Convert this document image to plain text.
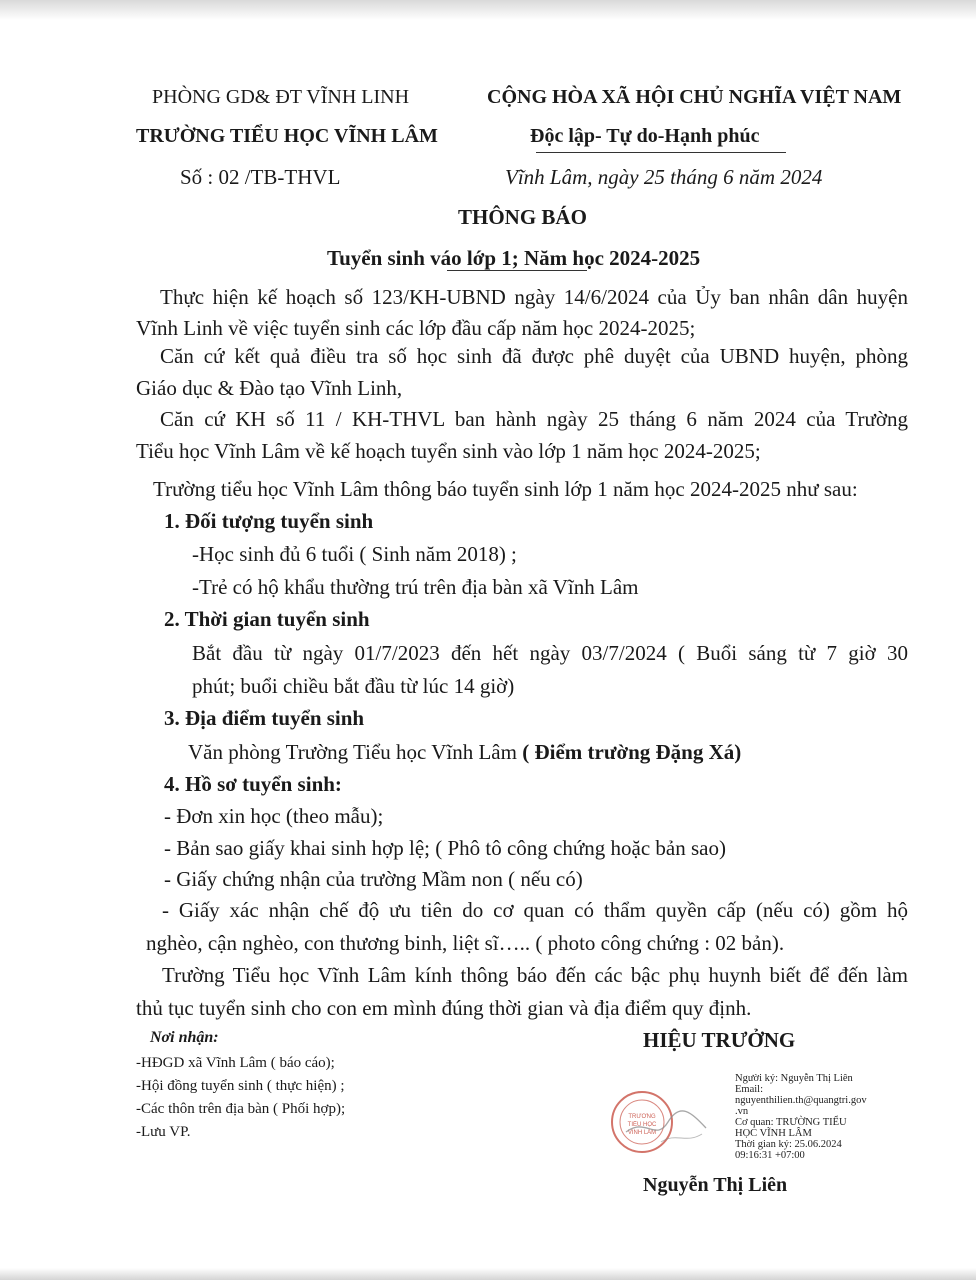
PHÒNG GD& ĐT VĨNH LINH
TRƯỜNG TIỂU HỌC VĨNH LÂM
Số : 02 /TB-THVL
CỘNG HÒA XÃ HỘI CHỦ NGHĨA VIỆT NAM
Độc lập- Tự do-Hạnh phúc
Vĩnh Lâm, ngày 25 tháng 6 năm 2024
THÔNG BÁO
Tuyển sinh váo lớp 1; Năm học 2024-2025
Thực hiện kế hoạch số 123/KH-UBND ngày 14/6/2024 của Ủy ban nhân dân huyện
Vĩnh Linh về việc tuyển sinh các lớp đầu cấp năm học 2024-2025;
Căn cứ kết quả điều tra số học sinh đã được phê duyệt của UBND huyện, phòng
Giáo dục & Đào tạo Vĩnh Linh,
Căn cứ KH số 11 / KH-THVL ban hành ngày 25 tháng 6 năm 2024 của Trường
Tiểu học Vĩnh Lâm về kế hoạch tuyển sinh vào lớp 1 năm học 2024-2025;
Trường tiểu học Vĩnh Lâm thông báo tuyển sinh lớp 1 năm học 2024-2025 như sau:
1. Đối tượng tuyển sinh
-Học sinh đủ 6 tuổi ( Sinh năm 2018) ;
-Trẻ có hộ khẩu thường trú trên địa bàn xã Vĩnh Lâm
2. Thời gian tuyển sinh
Bắt đầu từ ngày 01/7/2023 đến hết ngày 03/7/2024 ( Buổi sáng từ 7 giờ 30
phút; buổi chiều bắt đầu từ lúc 14 giờ)
3. Địa điểm tuyển sinh
Văn phòng Trường Tiểu học Vĩnh Lâm ( Điểm trường Đặng Xá)
4. Hồ sơ tuyển sinh:
- Đơn xin học (theo mẫu);
- Bản sao giấy khai sinh hợp lệ; ( Phô tô công chứng hoặc bản sao)
- Giấy chứng nhận của trường Mầm non ( nếu có)
- Giấy xác nhận chế độ ưu tiên do cơ quan có thẩm quyền cấp (nếu có) gồm hộ
nghèo, cận nghèo, con thương binh, liệt sĩ….. ( photo công chứng : 02 bản).
Trường Tiểu học Vĩnh Lâm kính thông báo đến các bậc phụ huynh biết để đến làm
thủ tục tuyển sinh cho con em mình đúng thời gian và địa điểm quy định.
Nơi nhận:
-HĐGD xã Vĩnh Lâm ( báo cáo);
-Hội đồng tuyển sinh ( thực hiện) ;
-Các thôn trên địa bàn ( Phối hợp);
-Lưu VP.
HIỆU TRƯỞNG
TRƯỜNG
TIỂU HỌC
VĨNH LÂM
Người ký: Nguyễn Thị Liên
Email:
nguyenthilien.th@quangtri.gov
.vn
Cơ quan: TRƯỜNG TIỂU
HỌC VĨNH LÂM
Thời gian ký: 25.06.2024
09:16:31 +07:00
Nguyễn Thị Liên
